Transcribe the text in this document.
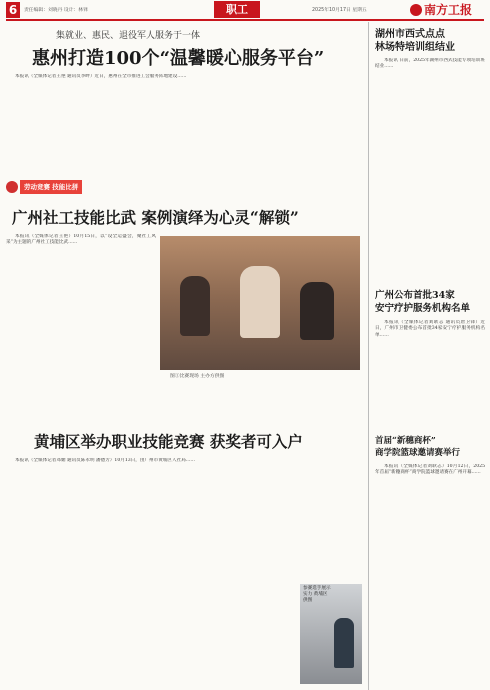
6	责任编辑：刘晓丹 设计：林铎	职工	2025年10月17日 星期五	南方工报
集就业、惠民、退役军人服务于一体
惠州打造100个“温馨暖心服务平台”

本报讯（全媒体记者王艳 通讯员李畔）近日，惠州在全市推进工会服务阵地建设……

劳动竞赛 技能比拼
广州社工技能比武 案例演绎为心灵“解锁”

本报讯（全媒体记者王艳）10月15日，以“设全运盛会，聚社工风采”为主题的广州社工技能比武……

图①比赛现场 主办方供图
黄埔区举办职业技能竞赛 获奖者可入户

本报讯（全媒体记者邓媚 通讯员陈永明 潘德芳）10月13日，由广州市黄埔区人社局……

参赛选手展示实力 黄埔区供图
湖州市西式点点
林场特培训组结业

本报讯 日前，2025年湖州市西式技能专项培训班结业……

广州公布首批34家
安宁疗护服务机构名单

本报讯（全媒体记者刘耿志 通讯员唐卫锋）近日，广州市卫健委公布首批34家安宁疗护服务机构名单……

首届“新穗商杯”
商学院篮球邀请赛举行

本报讯（全媒体记者刘耿志）10月12日，2025年首届“新穗商杯”商学院篮球邀请赛在广州开幕……
